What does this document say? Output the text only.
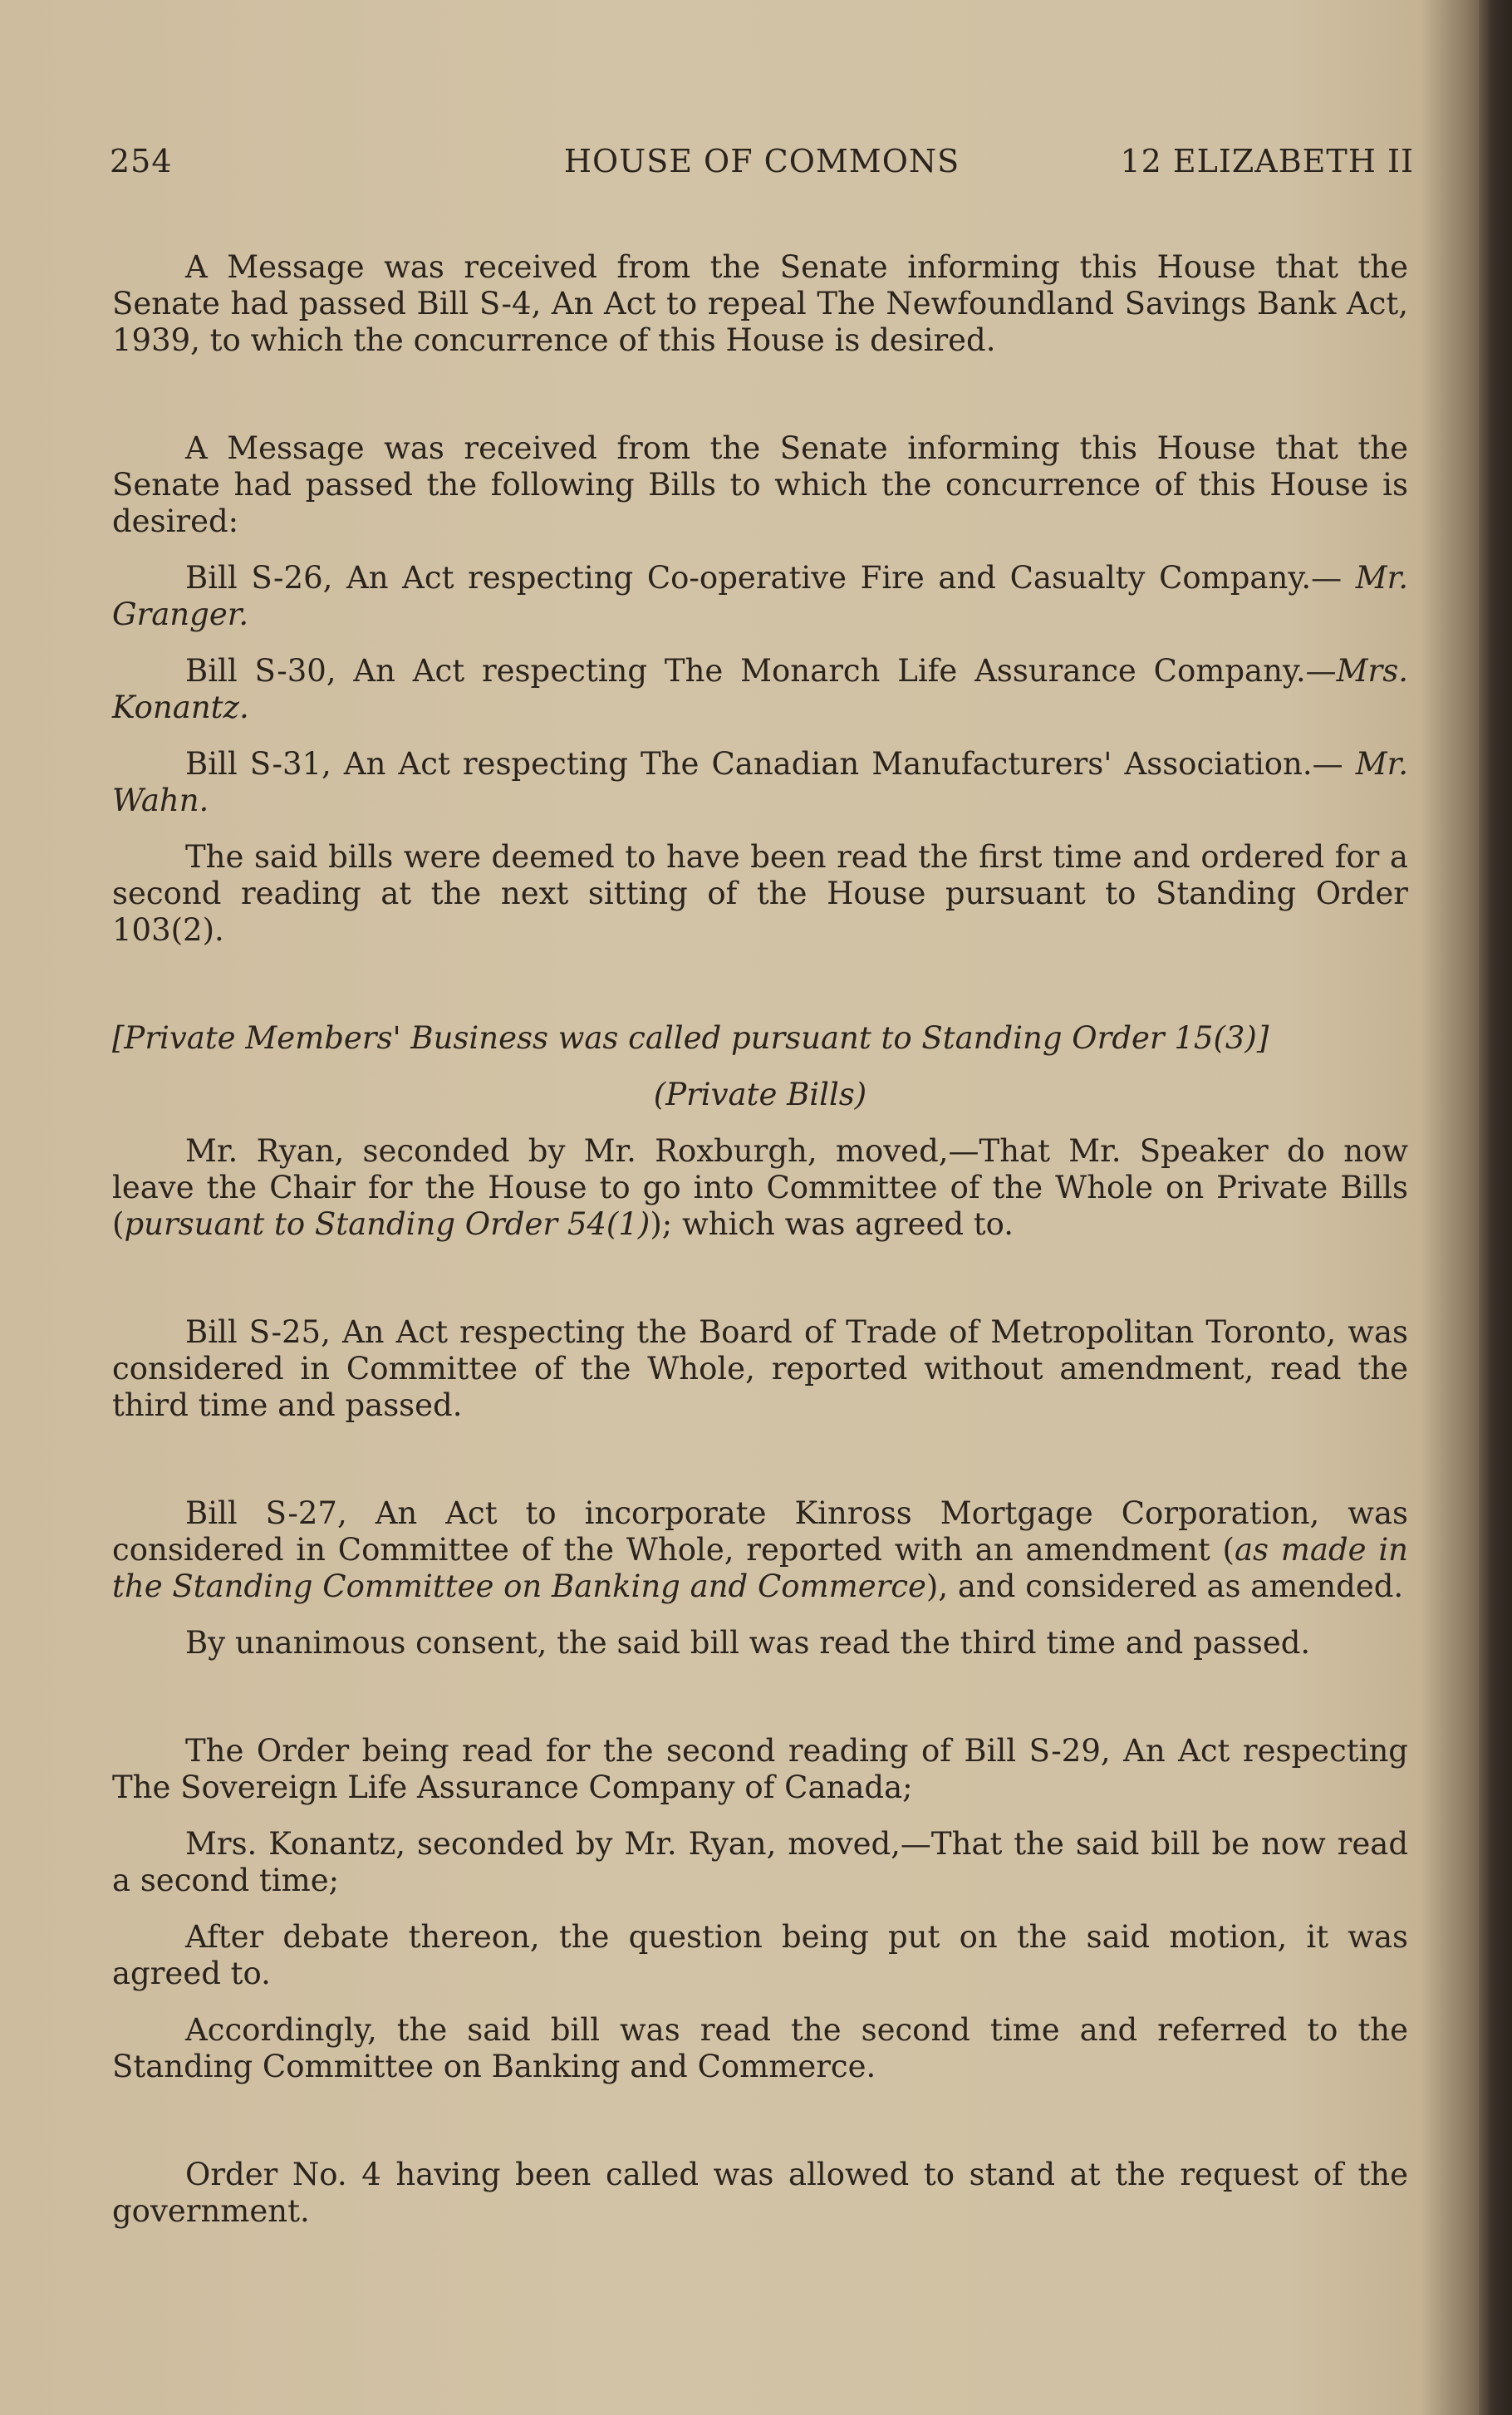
254	HOUSE OF COMMONS	12 ELIZABETH II

A Message was received from the Senate informing this House that the Senate had passed Bill S-4, An Act to repeal The Newfoundland Savings Bank Act, 1939, to which the concurrence of this House is desired.

A Message was received from the Senate informing this House that the Senate had passed the following Bills to which the concurrence of this House is desired:

Bill S-26, An Act respecting Co-operative Fire and Casualty Company.— Mr. Granger.

Bill S-30, An Act respecting The Monarch Life Assurance Company.—Mrs. Konantz.

Bill S-31, An Act respecting The Canadian Manufacturers' Association.— Mr. Wahn.

The said bills were deemed to have been read the first time and ordered for a second reading at the next sitting of the House pursuant to Standing Order 103(2).

[Private Members' Business was called pursuant to Standing Order 15(3)]

(Private Bills)

Mr. Ryan, seconded by Mr. Roxburgh, moved,—That Mr. Speaker do now leave the Chair for the House to go into Committee of the Whole on Private Bills (pursuant to Standing Order 54(1)); which was agreed to.

Bill S-25, An Act respecting the Board of Trade of Metropolitan Toronto, was considered in Committee of the Whole, reported without amendment, read the third time and passed.

Bill S-27, An Act to incorporate Kinross Mortgage Corporation, was considered in Committee of the Whole, reported with an amendment (as made in the Standing Committee on Banking and Commerce), and considered as amended.

By unanimous consent, the said bill was read the third time and passed.

The Order being read for the second reading of Bill S-29, An Act respecting The Sovereign Life Assurance Company of Canada;

Mrs. Konantz, seconded by Mr. Ryan, moved,—That the said bill be now read a second time;

After debate thereon, the question being put on the said motion, it was agreed to.

Accordingly, the said bill was read the second time and referred to the Standing Committee on Banking and Commerce.

Order No. 4 having been called was allowed to stand at the request of the government.
